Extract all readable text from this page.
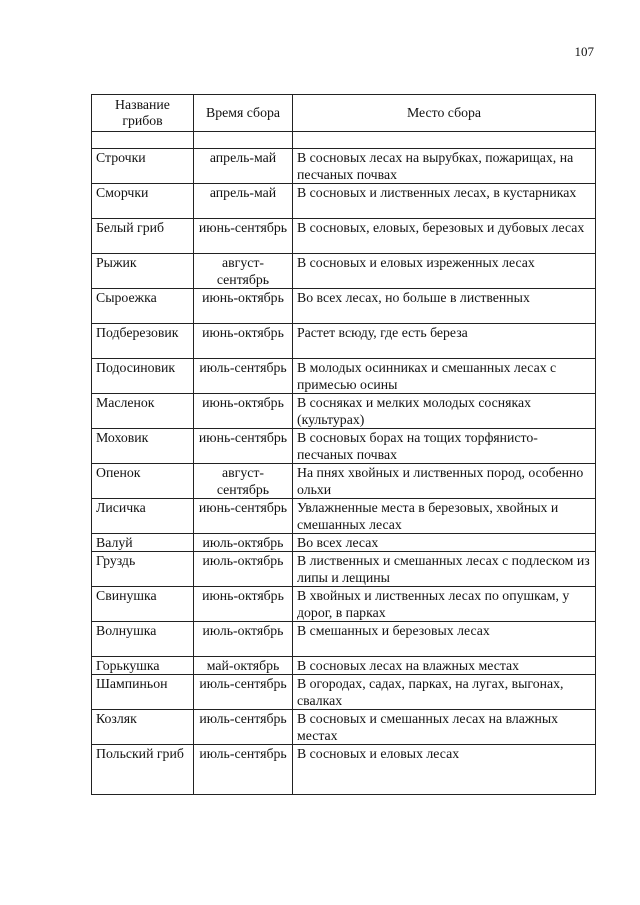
107
Название грибов	Время сбора	Место сбора

Строчки	апрель-май	В сосновых лесах на вырубках, пожарищах, на песчаных почвах
Сморчки	апрель-май	В сосновых и лиственных лесах, в кустарниках
Белый гриб	июнь-сентябрь	В сосновых, еловых, березовых и дубовых лесах
Рыжик	август-сентябрь	В сосновых и еловых изреженных лесах
Сыроежка	июнь-октябрь	Во всех лесах, но больше в лиственных
Подберезовик	июнь-октябрь	Растет всюду, где есть береза
Подосиновик	июль-сентябрь	В молодых осинниках и смешанных лесах с примесью осины
Масленок	июнь-октябрь	В сосняках и мелких молодых сосняках (культурах)
Моховик	июнь-сентябрь	В сосновых борах на тощих торфянисто-песчаных почвах
Опенок	август-сентябрь	На пнях хвойных и лиственных пород, особенно ольхи
Лисичка	июнь-сентябрь	Увлажненные места в березовых, хвойных и смешанных лесах
Валуй	июль-октябрь	Во всех лесах
Груздь	июль-октябрь	В лиственных и смешанных лесах с подлеском из липы и лещины
Свинушка	июнь-октябрь	В хвойных и лиственных лесах по опушкам, у дорог, в парках
Волнушка	июль-октябрь	В смешанных и березовых лесах
Горькушка	май-октябрь	В сосновых лесах на влажных местах
Шампиньон	июль-сентябрь	В огородах, садах, парках, на лугах, выгонах, свалках
Козляк	июль-сентябрь	В сосновых и смешанных лесах на влажных местах
Польский гриб	июль-сентябрь	В сосновых и еловых лесах
